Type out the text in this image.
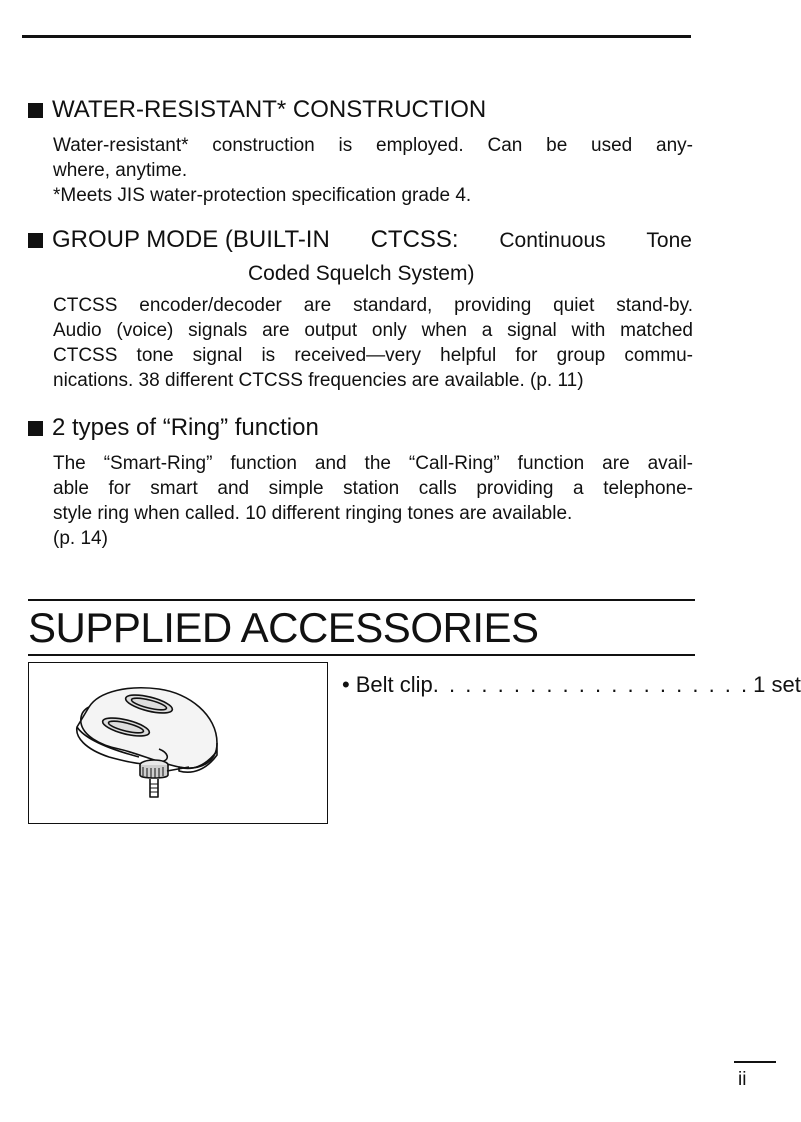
WATER-RESISTANT* CONSTRUCTION
Water-resistant* construction is employed. Can be used any-
where, anytime.
*Meets JIS water-protection specification grade 4.
GROUP MODE (BUILT-IN CTCSS: Continuous Tone
Coded Squelch System)
CTCSS encoder/decoder are standard, providing quiet stand-by.
Audio (voice) signals are output only when a signal with matched
CTCSS tone signal is received—very helpful for group commu-
nications. 38 different CTCSS frequencies are available. (p. 11)
2 types of “Ring” function
The “Smart-Ring” function and the “Call-Ring” function are avail-
able for smart and simple station calls providing a telephone-
style ring when called. 10 different ringing tones are available.
(p. 14)
SUPPLIED ACCESSORIES
• Belt clip . . . . . . . . . . . . . . . . . . . . 1 set
ii
